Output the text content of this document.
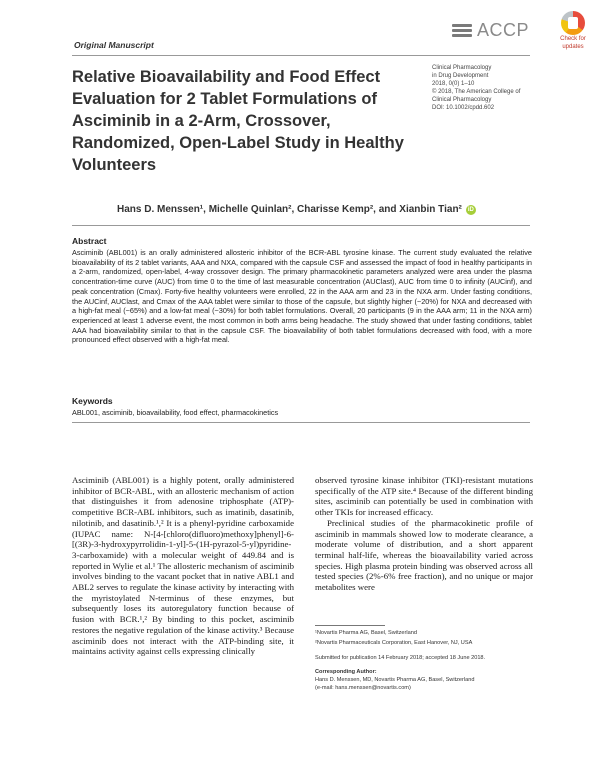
Original Manuscript
ACCP	Check for
updates
Clinical Pharmacology
in Drug Development
2018, 0(0) 1–10
© 2018, The American College of
Clinical Pharmacology
DOI: 10.1002/cpdd.602
Relative Bioavailability and Food Effect Evaluation for 2 Tablet Formulations of Asciminib in a 2-Arm, Crossover, Randomized, Open-Label Study in Healthy Volunteers
Hans D. Menssen¹, Michelle Quinlan², Charisse Kemp², and Xianbin Tian²	iD
Abstract
Asciminib (ABL001) is an orally administered allosteric inhibitor of the BCR-ABL tyrosine kinase. The current study evaluated the relative bioavailability of its 2 tablet variants, AAA and NXA, compared with the capsule CSF and assessed the impact of food in healthy participants in a 2-arm, randomized, open-label, 4-way crossover design. The primary pharmacokinetic parameters analyzed were area under the plasma concentration-time curve (AUC) from time 0 to the time of last measurable concentration (AUClast), AUC from time 0 to infinity (AUCinf), and peak concentration (Cmax). Forty-five healthy volunteers were enrolled, 22 in the AAA arm and 23 in the NXA arm. Under fasting conditions, the AUCinf, AUClast, and Cmax of the AAA tablet were similar to those of the capsule, but slightly higher (~20%) for NXA and decreased with a high-fat meal (~65%) and a low-fat meal (~30%) for both tablet formulations. Overall, 20 participants (9 in the AAA arm; 11 in the NXA arm) experienced at least 1 adverse event, the most common in both arms being headache. The study showed that under fasting conditions, tablet AAA had bioavailability similar to that in the capsule CSF. The bioavailability of both tablet formulations decreased with food, with a more pronounced effect observed with a high-fat meal.
Keywords
ABL001, asciminib, bioavailability, food effect, pharmacokinetics

Asciminib (ABL001) is a highly potent, orally administered inhibitor of BCR-ABL, with an allosteric mechanism of action that distinguishes it from adenosine triphosphate (ATP)-competitive BCR-ABL inhibitors, such as imatinib, dasatinib, nilotinib, and dasatinib.¹,² It is a phenyl-pyridine carboxamide (IUPAC name: N-[4-[chloro(difluoro)methoxy]phenyl]-6-[(3R)-3-hydroxypyrrolidin-1-yl]-5-(1H-pyrazol-5-yl)pyridine-3-carboxamide) with a molecular weight of 449.84 and is reported in Wylie et al.¹ The allosteric mechanism of asciminib involves binding to the vacant pocket that in native ABL1 and ABL2 serves to regulate the kinase activity by interacting with the myristoylated N-terminus of these enzymes, but subsequently loses its autoregulatory function because of fusion with BCR.¹,² By binding to this pocket, asciminib restores the negative regulation of the kinase activity.³ Because asciminib does not interact with the ATP-binding site, it maintains activity against cells expressing clinically

observed tyrosine kinase inhibitor (TKI)-resistant mutations specifically of the ATP site.⁴ Because of the different binding sites, asciminib can potentially be used in combination with other TKIs for increased efficacy.

Preclinical studies of the pharmacokinetic profile of asciminib in mammals showed low to moderate clearance, a moderate volume of distribution, and a short apparent terminal half-life, whereas the bioavailability varied across species. High plasma protein binding was observed across all tested species (2%-6% free fraction), and no unique or major metabolites were

¹Novartis Pharma AG, Basel, Switzerland
²Novartis Pharmaceuticals Corporation, East Hanover, NJ, USA
Submitted for publication 14 February 2018; accepted 18 June 2018.
Corresponding Author:
Hans D. Menssen, MD, Novartis Pharma AG, Basel, Switzerland
(e-mail: hans.menssen@novartis.com)
